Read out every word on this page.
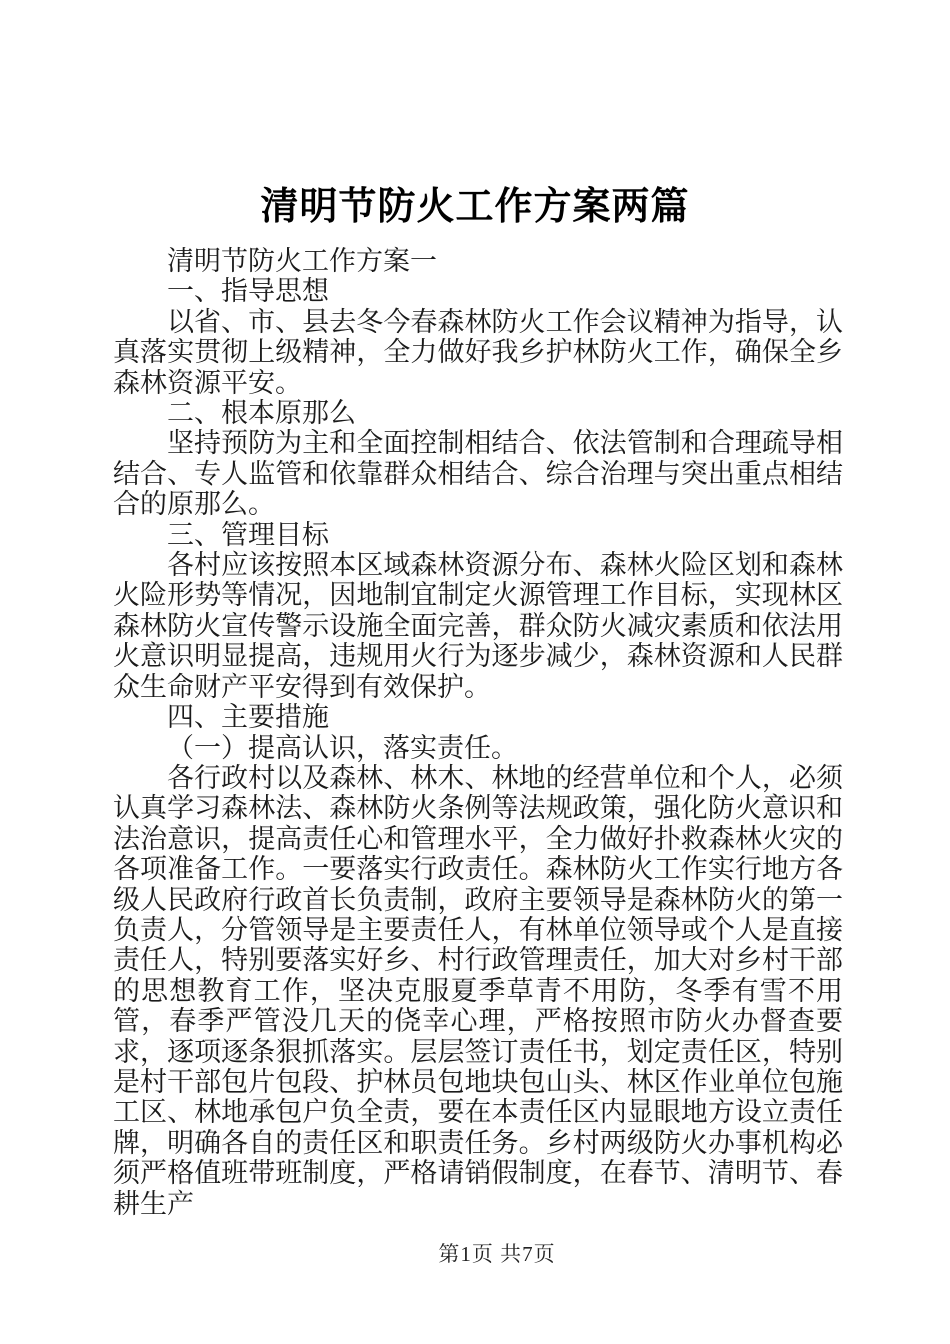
清明节防火工作方案两篇

清明节防火工作方案一

一、指导思想

以省、市、县去冬今春森林防火工作会议精神为指导，认真落实贯彻上级精神，全力做好我乡护林防火工作，确保全乡森林资源平安。

二、根本原那么

坚持预防为主和全面控制相结合、依法管制和合理疏导相结合、专人监管和依靠群众相结合、综合治理与突出重点相结合的原那么。

三、管理目标

各村应该按照本区域森林资源分布、森林火险区划和森林火险形势等情况，因地制宜制定火源管理工作目标，实现林区森林防火宣传警示设施全面完善，群众防火减灾素质和依法用火意识明显提高，违规用火行为逐步减少，森林资源和人民群众生命财产平安得到有效保护。

四、主要措施

（一）提高认识，落实责任。

各行政村以及森林、林木、林地的经营单位和个人，必须认真学习森林法、森林防火条例等法规政策，强化防火意识和法治意识，提高责任心和管理水平，全力做好扑救森林火灾的各项准备工作。一要落实行政责任。森林防火工作实行地方各级人民政府行政首长负责制，政府主要领导是森林防火的第一负责人，分管领导是主要责任人，有林单位领导或个人是直接责任人，特别要落实好乡、村行政管理责任，加大对乡村干部的思想教育工作，坚决克服夏季草青不用防，冬季有雪不用管，春季严管没几天的侥幸心理，严格按照市防火办督查要求，逐项逐条狠抓落实。层层签订责任书，划定责任区，特别是村干部包片包段、护林员包地块包山头、林区作业单位包施工区、林地承包户负全责，要在本责任区内显眼地方设立责任牌，明确各自的责任区和职责任务。乡村两级防火办事机构必须严格值班带班制度，严格请销假制度，在春节、清明节、春耕生产

第1页 共7页
